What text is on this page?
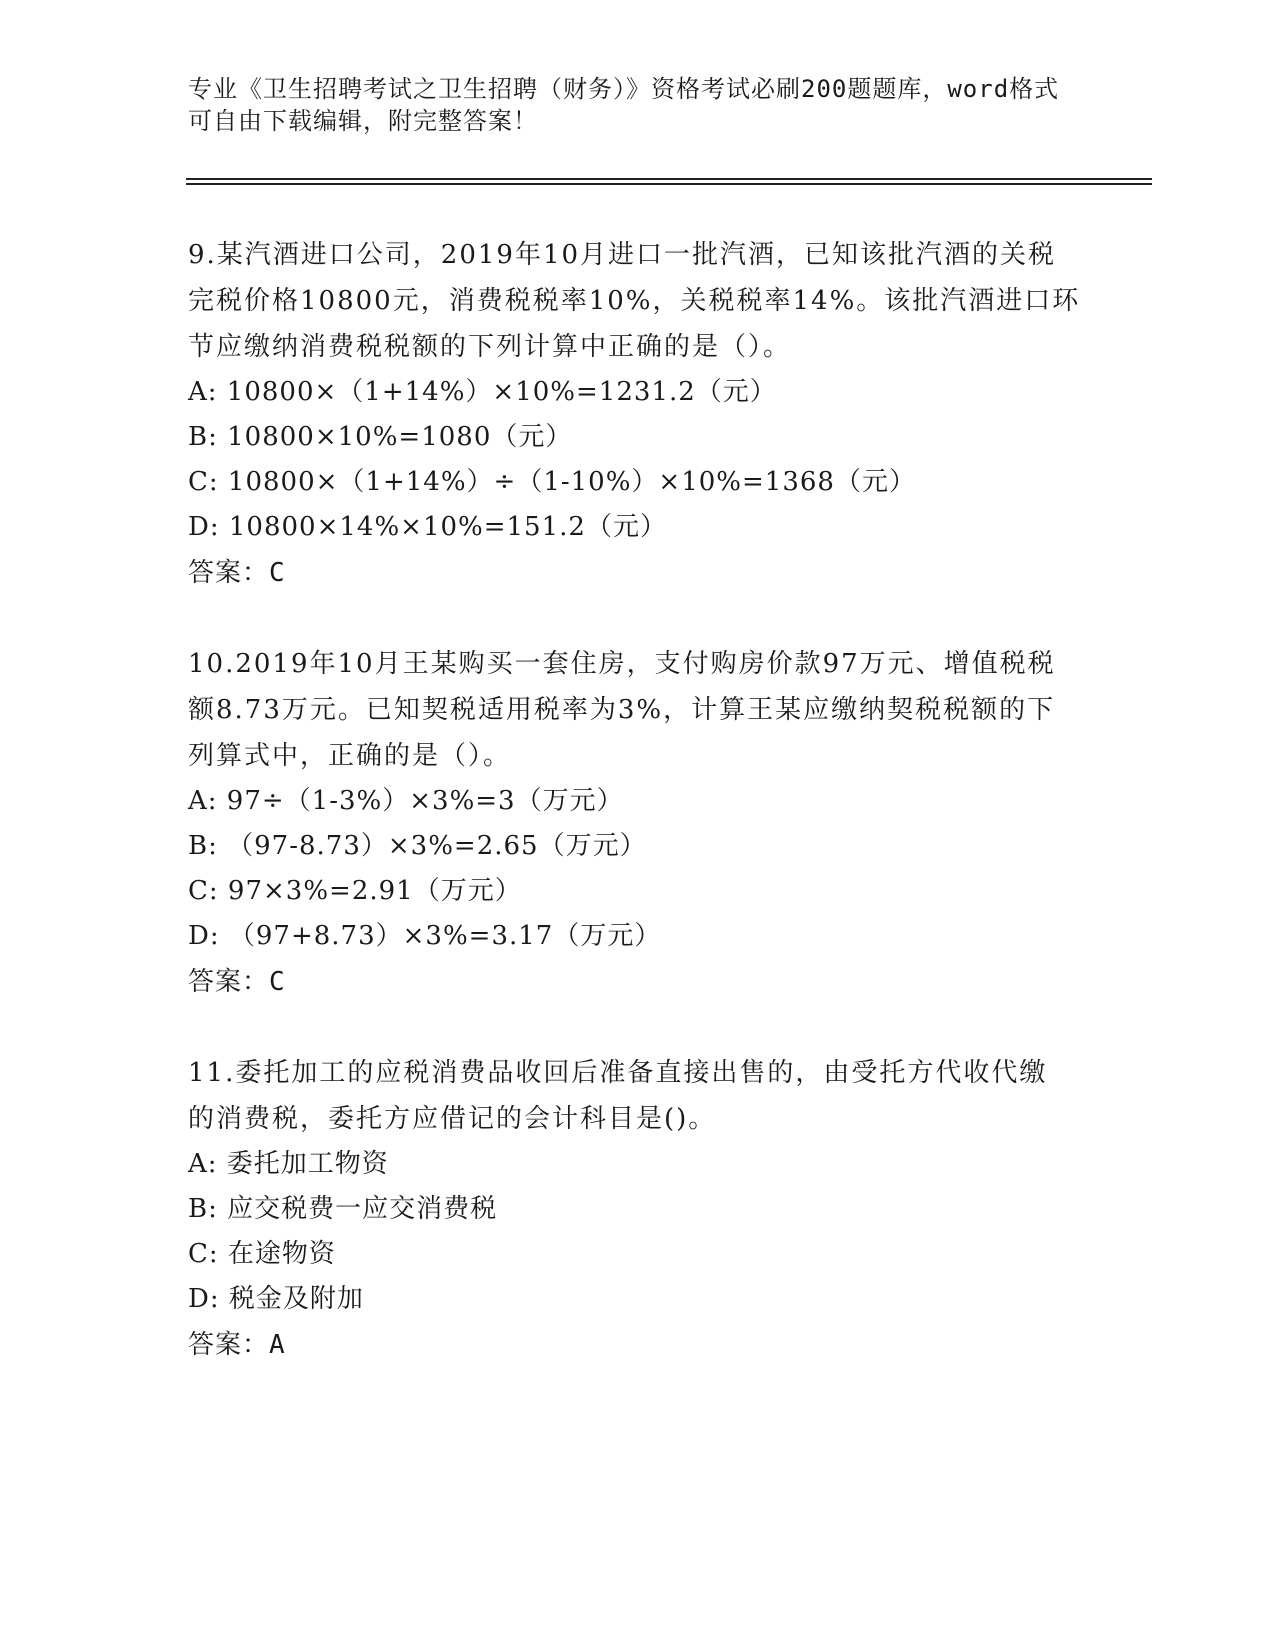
专业《卫生招聘考试之卫生招聘（财务）》资格考试必刷200题题库，word格式
可自由下载编辑，附完整答案！

9.某汽酒进口公司，2019年10月进口一批汽酒，已知该批汽酒的关税
完税价格10800元，消费税税率10%，关税税率14%。该批汽酒进口环
节应缴纳消费税税额的下列计算中正确的是（）。

A: 10800×（1+14%）×10%=1231.2（元）
B: 10800×10%=1080（元）
C: 10800×（1+14%）÷（1-10%）×10%=1368（元）
D: 10800×14%×10%=151.2（元）
答案：C

10.2019年10月王某购买一套住房，支付购房价款97万元、增值税税
额8.73万元。已知契税适用税率为3%，计算王某应缴纳契税税额的下
列算式中，正确的是（）。

A: 97÷（1-3%）×3%=3（万元）
B: （97-8.73）×3%=2.65（万元）
C: 97×3%=2.91（万元）
D: （97+8.73）×3%=3.17（万元）
答案：C

11.委托加工的应税消费品收回后准备直接出售的，由受托方代收代缴
的消费税，委托方应借记的会计科目是()。

A: 委托加工物资
B: 应交税费一应交消费税
C: 在途物资
D: 税金及附加
答案：A
